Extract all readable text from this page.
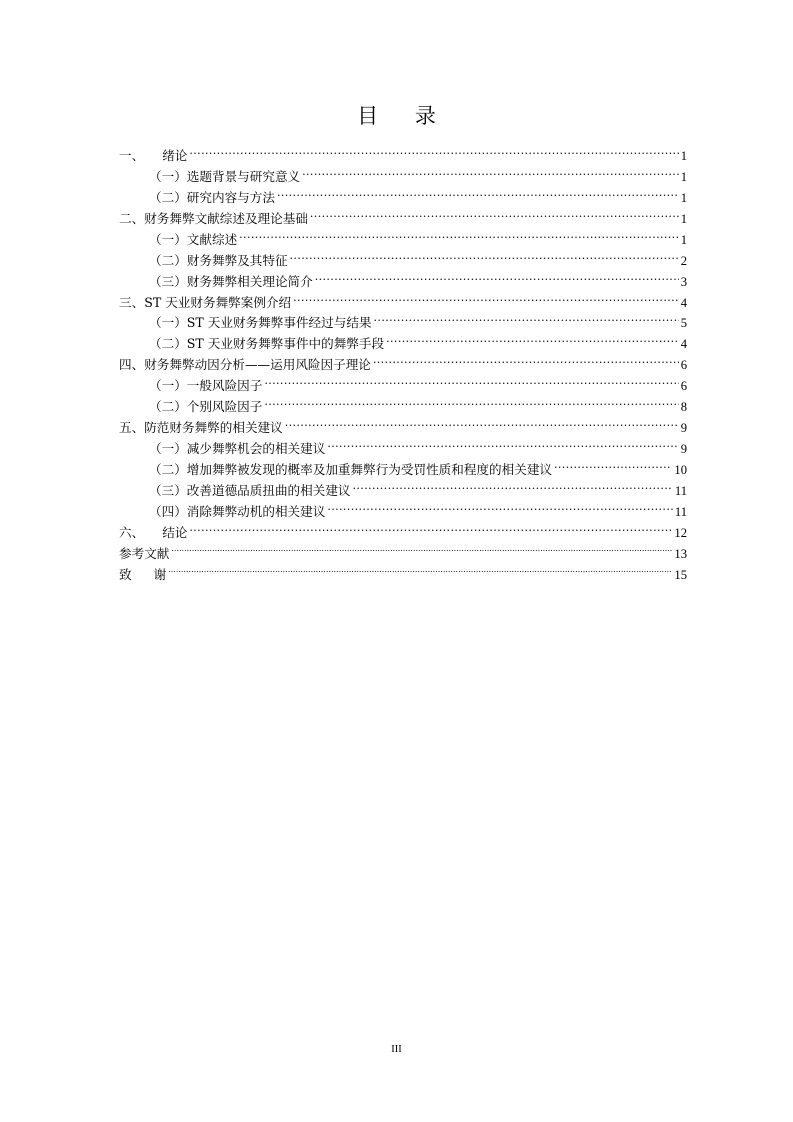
目 录
一、 绪论 .....	1
（一）选题背景与研究意义 .....	1
（二）研究内容与方法 .....	1
二、财务舞弊文献综述及理论基础 .....	1
（一）文献综述 .....	1
（二）财务舞弊及其特征 .....	2
（三）财务舞弊相关理论简介 .....	3
三、ST 天业财务舞弊案例介绍 .....	4
（一）ST 天业财务舞弊事件经过与结果 .....	5
（二）ST 天业财务舞弊事件中的舞弊手段 .....	4
四、财务舞弊动因分析——运用风险因子理论 .....	6
（一）一般风险因子 .....	6
（二）个别风险因子 .....	8
五、防范财务舞弊的相关建议 .....	9
（一）减少舞弊机会的相关建议 .....	9
（二）增加舞弊被发现的概率及加重舞弊行为受罚性质和程度的相关建议 .....	10
（三）改善道德品质扭曲的相关建议 .....	11
（四）消除舞弊动机的相关建议 .....	11
六、 结论 .....	12
参考文献 .....	13
致 谢 .....	15
III
